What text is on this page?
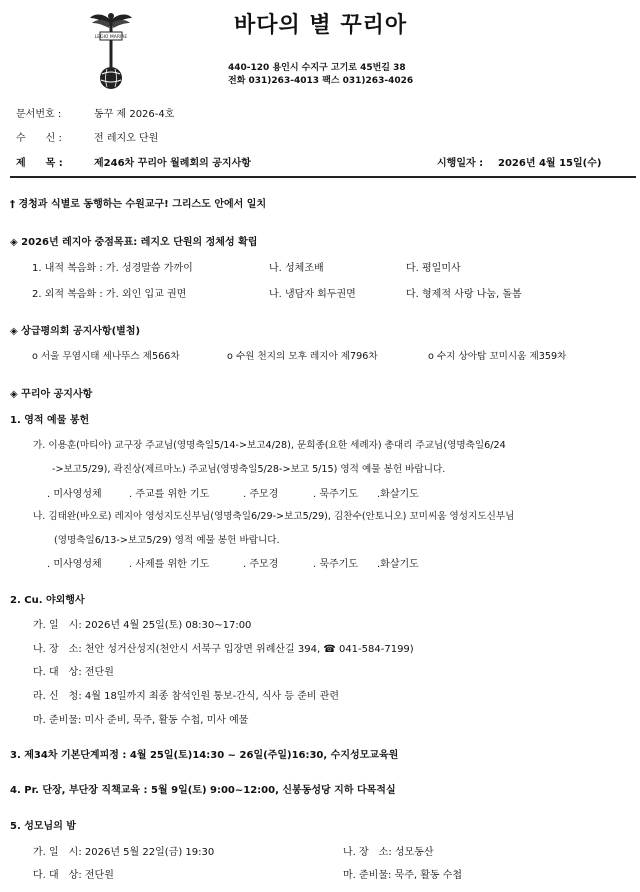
LEGIO MARIAE	바다의 별 꾸리아
440-120 용인시 수지구 고기로 45번길 38
전화 031)263-4013 팩스 031)263-4026
문서번호 :	동꾸 제 2026-4호
수　　신 :	전 레지오 단원
제　　목 :	제246차 꾸리아 월례회의 공지사항	시행일자 : 2026년 4월 15일(수)
† 경청과 식별로 동행하는 수원교구! 그리스도 안에서 일치
◈ 2026년 레지아 중점목표: 레지오 단원의 정체성 확립
1. 내적 복음화 : 가. 성경말씀 가까이	나. 성체조배	다. 평일미사
2. 외적 복음화 : 가. 외인 입교 권면	나. 냉담자 회두권면	다. 형제적 사랑 나눔, 돌봄
◈ 상급평의회 공지사항(별첨)
o 서울 무염시태 세나뚜스 제566차	o 수원 천지의 모후 레지아 제796차	o 수지 상아탑 꼬미시움 제359차
◈ 꾸리아 공지사항
1. 영적 예물 봉헌
가. 이용훈(마티아) 교구장 주교님(영명축일5/14->보고4/28), 문희종(요한 세례자) 총대리 주교님(영명축일6/24
->보고5/29), 곽진상(제르마노) 주교님(영명축일5/28->보고 5/15) 영적 예물 봉헌 바랍니다.
. 미사영성체	. 주교를 위한 기도	. 주모경	. 묵주기도 .화살기도
나. 김태완(바오로) 레지아 영성지도신부님(영명축일6/29->보고5/29), 김찬수(안토니오) 꼬미씨움 영성지도신부님
(영명축일6/13->보고5/29) 영적 예물 봉헌 바랍니다.
. 미사영성체	. 사제를 위한 기도	. 주모경	. 묵주기도 .화살기도
2. Cu. 야외행사
가. 일　시: 2026년 4월 25일(토) 08:30~17:00
나. 장　소: 천안 성거산성지(천안시 서북구 입장면 위례산길 394, ☎ 041-584-7199)
다. 대　상: 전단원
라. 신　청: 4월 18일까지 최종 참석인원 통보-간식, 식사 등 준비 관련
마. 준비물: 미사 준비, 묵주, 활동 수첩, 미사 예물
3. 제34차 기본단계피정 : 4월 25일(토)14:30 ~ 26일(주일)16:30, 수지성모교육원
4. Pr. 단장, 부단장 직책교육 : 5월 9일(토) 9:00~12:00, 신봉동성당 지하 다목적실
5. 성모님의 밤
가. 일　시: 2026년 5월 22일(금) 19:30	나. 장　소: 성모동산
다. 대　상: 전단원	마. 준비물: 묵주, 활동 수첩
